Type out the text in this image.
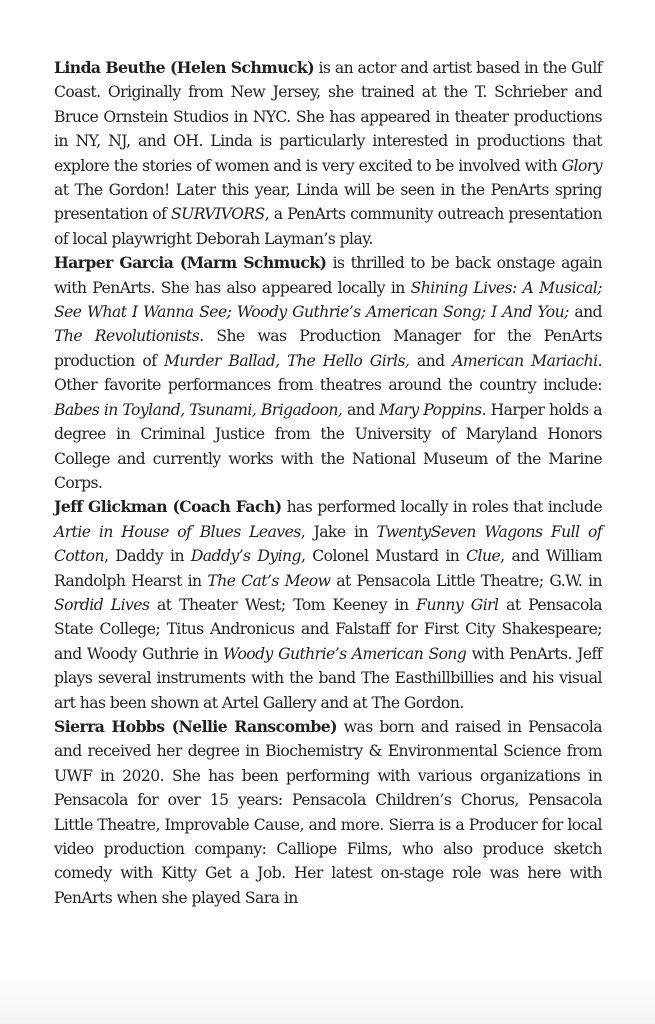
Linda Beuthe (Helen Schmuck) is an actor and artist based in the Gulf Coast. Originally from New Jersey, she trained at the T. Schrieber and Bruce Ornstein Studios in NYC. She has appeared in theater productions in NY, NJ, and OH. Linda is particularly interested in productions that explore the stories of women and is very excited to be involved with Glory at The Gordon! Later this year, Linda will be seen in the PenArts spring presentation of SURVIVORS, a PenArts community outreach presentation of local playwright Deborah Layman’s play.

Harper Garcia (Marm Schmuck) is thrilled to be back onstage again with PenArts. She has also appeared locally in Shining Lives: A Musical; See What I Wanna See; Woody Guthrie’s American Song; I And You; and The Revolutionists. She was Production Manager for the PenArts production of Murder Ballad, The Hello Girls, and American Mariachi. Other favorite performances from theatres around the country include: Babes in Toyland, Tsunami, Brigadoon, and Mary Poppins. Harper holds a degree in Criminal Justice from the University of Maryland Honors College and currently works with the National Museum of the Marine Corps.

Jeff Glickman (Coach Fach) has performed locally in roles that include Artie in House of Blues Leaves, Jake in TwentySeven Wagons Full of Cotton, Daddy in Daddy’s Dying, Colonel Mustard in Clue, and William Randolph Hearst in The Cat’s Meow at Pensacola Little Theatre; G.W. in Sordid Lives at Theater West; Tom Keeney in Funny Girl at Pensacola State College; Titus Andronicus and Falstaff for First City Shakespeare; and Woody Guthrie in Woody Guthrie’s American Song with PenArts. Jeff plays several instruments with the band The Easthillbillies and his visual art has been shown at Artel Gallery and at The Gordon.

Sierra Hobbs (Nellie Ranscombe) was born and raised in Pensacola and received her degree in Biochemistry & Environmental Science from UWF in 2020. She has been performing with various organizations in Pensacola for over 15 years: Pensacola Children’s Chorus, Pensacola Little Theatre, Improvable Cause, and more. Sierra is a Producer for local video production company: Calliope Films, who also produce sketch comedy with Kitty Get a Job. Her latest on-stage role was here with PenArts when she played Sara in
